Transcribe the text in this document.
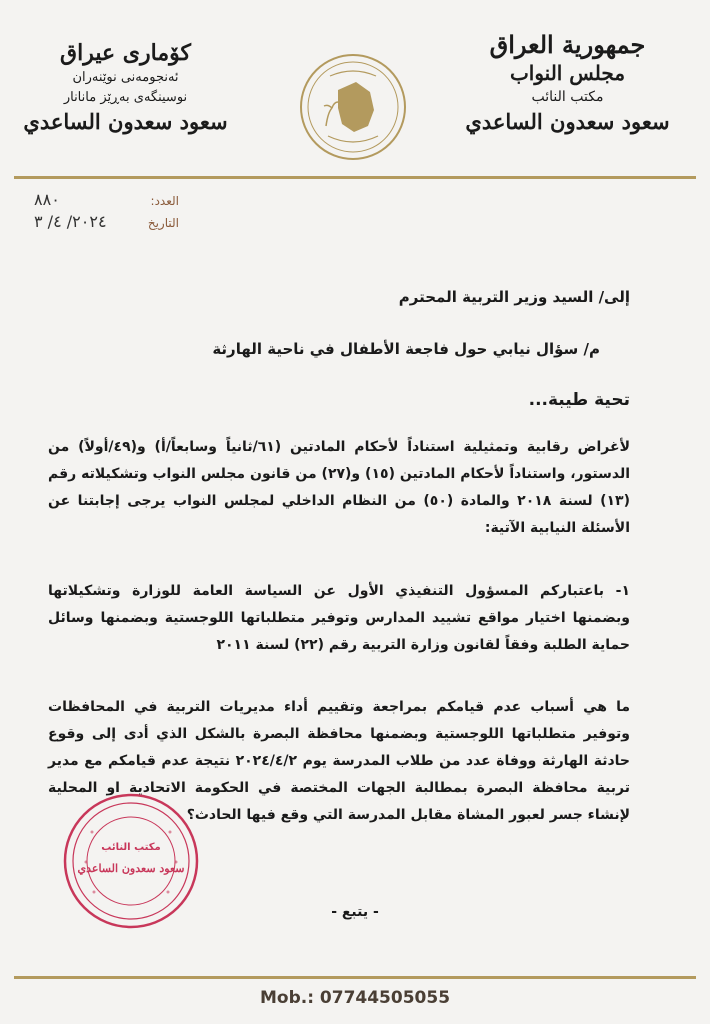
جمهورية العراق
مجلس النواب
مكتب النائب
سعود سعدون الساعدي
كۆماری عیراق
ئه‌نجومه‌نی نوێنه‌ران
نوسینگه‌ی به‌ڕێز مانانار
سعود سعدون الساعدي
العدد:
٨٨٠
التاريخ
٢٠٢٤/ ٤/ ٣
إلى/ السيد وزير التربية المحترم
م/ سؤال نيابي حول فاجعة الأطفال في ناحية الهارثة
تحية طيبة...
لأغراض رقابية وتمثيلية استناداً لأحكام المادتين (٦١/ثانياً وسابعاً/أ) و(٤٩/أولاً) من الدستور، واستناداً لأحكام المادتين (١٥) و(٢٧) من قانون مجلس النواب وتشكيلاته رقم (١٣) لسنة ٢٠١٨ والمادة (٥٠) من النظام الداخلي لمجلس النواب يرجى إجابتنا عن الأسئلة النيابية الآتية:
١- باعتباركم المسؤول التنفيذي الأول عن السياسة العامة للوزارة وتشكيلاتها وبضمنها اختيار مواقع تشييد المدارس وتوفير متطلباتها اللوجستية وبضمنها وسائل حماية الطلبة وفقاً لقانون وزارة التربية رقم (٢٢) لسنة ٢٠١١
ما هي أسباب عدم قيامكم بمراجعة وتقييم أداء مديريات التربية في المحافظات وتوفير متطلباتها اللوجستية وبضمنها محافظة البصرة بالشكل الذي أدى إلى وقوع حادثة الهارثة ووفاة عدد من طلاب المدرسة يوم ٢٠٢٤/٤/٢ نتيجة عدم قيامكم مع مدير تربية محافظة البصرة بمطالبة الجهات المختصة في الحكومة الاتحادية او المحلية لإنشاء جسر لعبور المشاة مقابل المدرسة التي وقع فيها الحادث؟
- يتبع -
مكتب النائب
سعود سعدون الساعدي
Mob.: 07744505055
